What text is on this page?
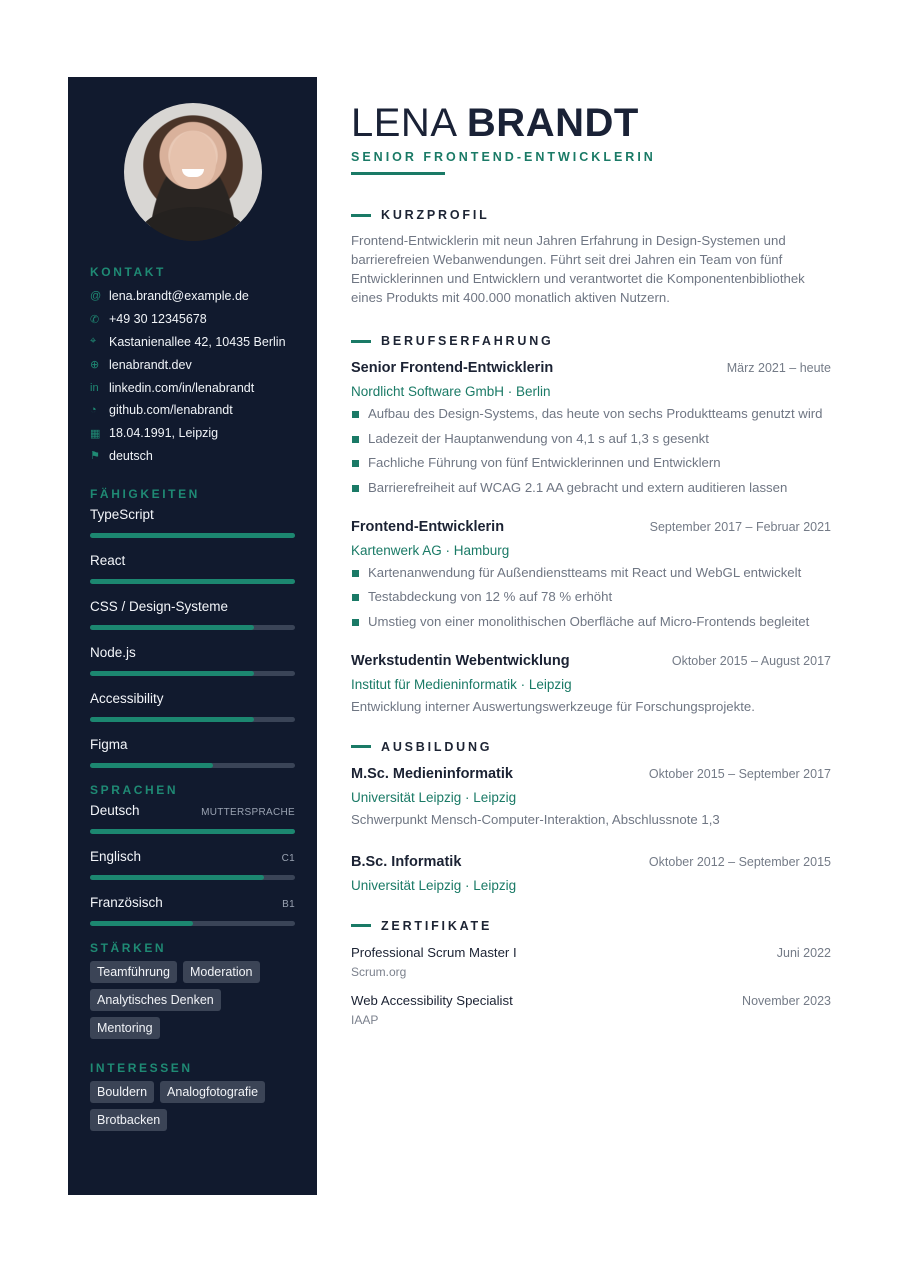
KONTAKT
@ lena.brandt@example.de
✆ +49 30 12345678
⌖	Kastanienallee 42, 10435 Berlin
⊕ lenabrandt.dev
in linkedin.com/in/lenabrandt
◔ github.com/lenabrandt
▦ 18.04.1991, Leipzig
⚑ deutsch
FÄHIGKEITEN
TypeScript
React
CSS / Design-Systeme
Node.js
Accessibility
Figma
SPRACHEN
Deutsch	MUTTERSPRACHE
Englisch	C1
Französisch	B1
STÄRKEN
Teamführung	Moderation
Analytisches Denken
Mentoring
INTERESSEN
Bouldern	Analogfotografie
Brotbacken
LENA BRANDT
SENIOR FRONTEND-ENTWICKLERIN
KURZPROFIL

Frontend-Entwicklerin mit neun Jahren Erfahrung in Design-Systemen und barrierefreien Webanwendungen. Führt seit drei Jahren ein Team von fünf Entwicklerinnen und Entwicklern und verantwortet die Komponentenbibliothek eines Produkts mit 400.000 monatlich aktiven Nutzern.

BERUFSERFAHRUNG
Senior Frontend-Entwicklerin	März 2021 – heute
Nordlicht Software GmbH · Berlin
Aufbau des Design-Systems, das heute von sechs Produktteams genutzt wird
Ladezeit der Hauptanwendung von 4,1 s auf 1,3 s gesenkt
Fachliche Führung von fünf Entwicklerinnen und Entwicklern
Barrierefreiheit auf WCAG 2.1 AA gebracht und extern auditieren lassen
Frontend-Entwicklerin	September 2017 – Februar 2021
Kartenwerk AG · Hamburg
Kartenanwendung für Außendienstteams mit React und WebGL entwickelt
Testabdeckung von 12 % auf 78 % erhöht
Umstieg von einer monolithischen Oberfläche auf Micro-Frontends begleitet
Werkstudentin Webentwicklung	Oktober 2015 – August 2017
Institut für Medieninformatik · Leipzig
Entwicklung interner Auswertungswerkzeuge für Forschungsprojekte.
AUSBILDUNG
M.Sc. Medieninformatik	Oktober 2015 – September 2017
Universität Leipzig · Leipzig
Schwerpunkt Mensch-Computer-Interaktion, Abschlussnote 1,3
B.Sc. Informatik	Oktober 2012 – September 2015
Universität Leipzig · Leipzig
ZERTIFIKATE
Professional Scrum Master I	Juni 2022
Scrum.org
Web Accessibility Specialist	November 2023
IAAP
